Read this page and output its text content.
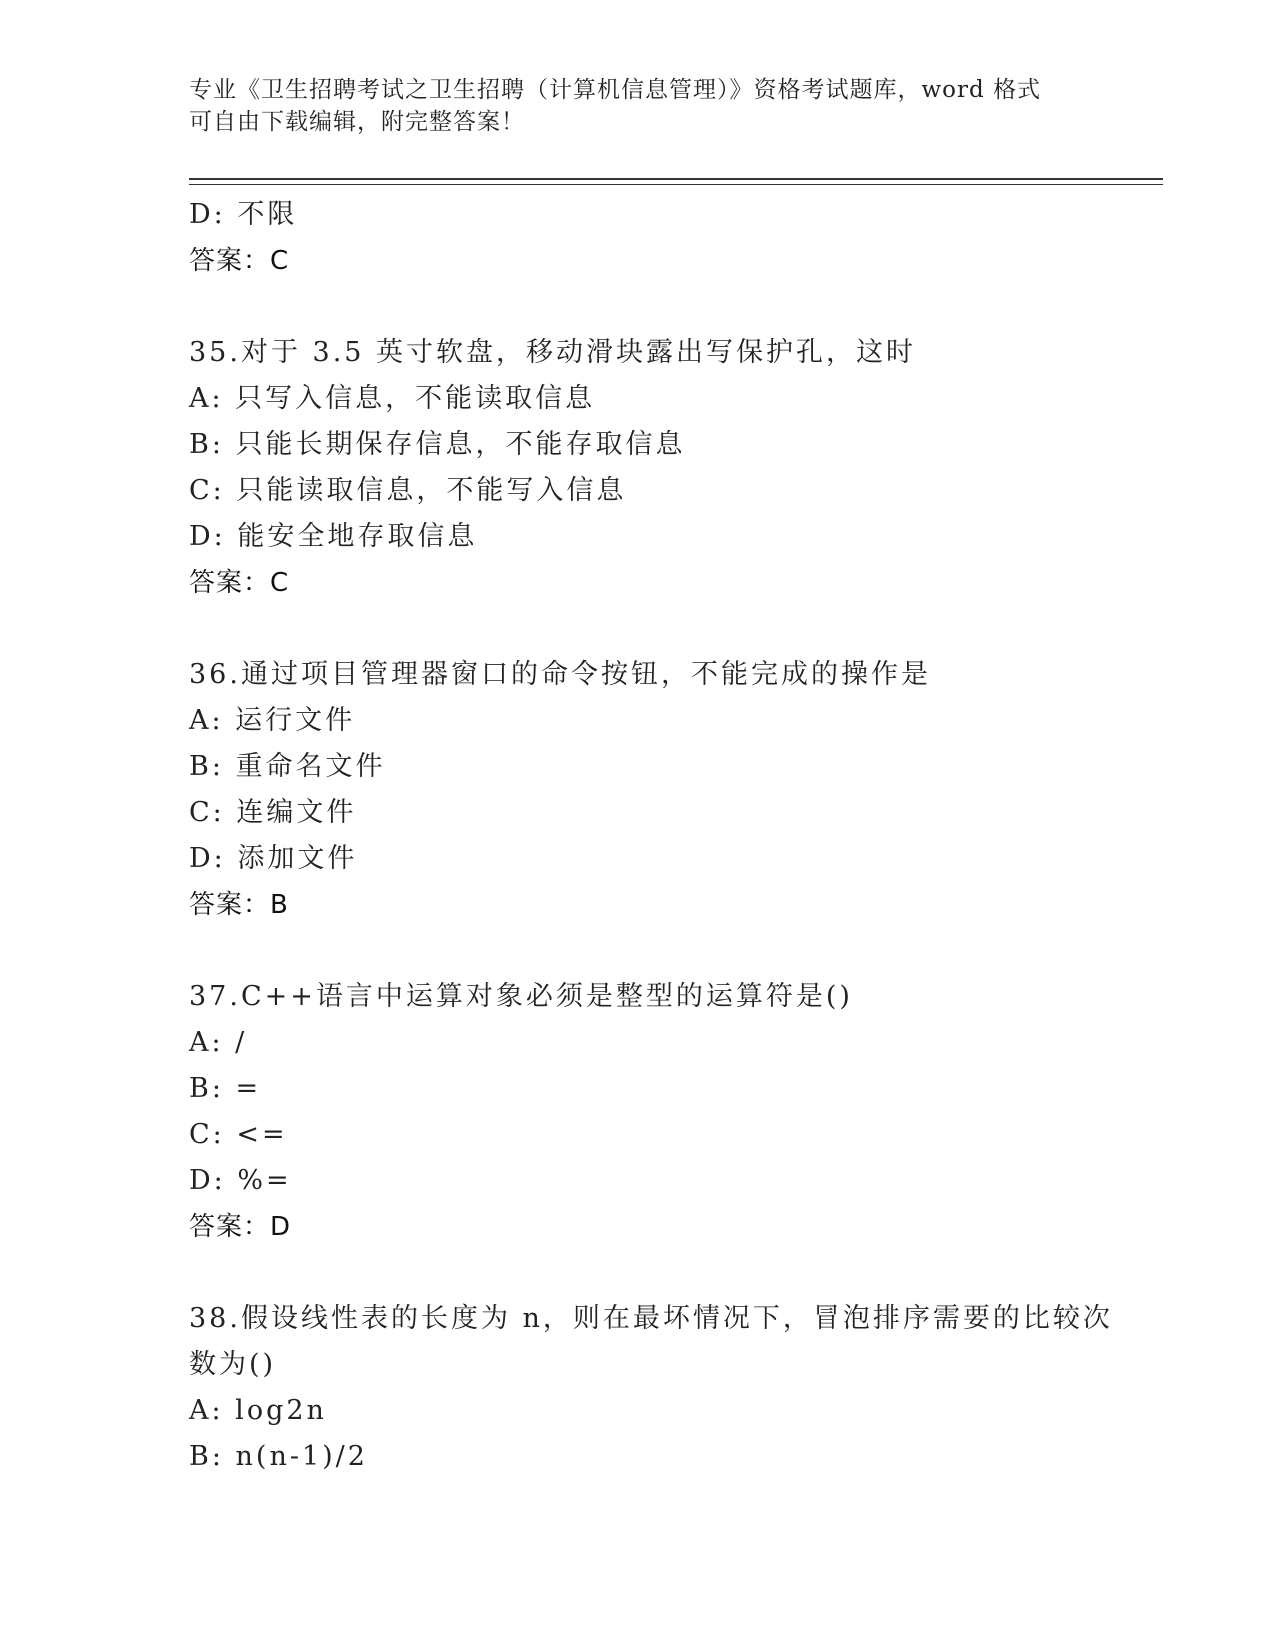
专业《卫生招聘考试之卫生招聘（计算机信息管理）》资格考试题库，word 格式
可自由下载编辑，附完整答案！
D: 不限
答案：C
35.对于 3.5 英寸软盘，移动滑块露出写保护孔，这时
A: 只写入信息，不能读取信息
B: 只能长期保存信息，不能存取信息
C: 只能读取信息，不能写入信息
D: 能安全地存取信息
答案：C
36.通过项目管理器窗口的命令按钮，不能完成的操作是
A: 运行文件
B: 重命名文件
C: 连编文件
D: 添加文件
答案：B
37.C++语言中运算对象必须是整型的运算符是()
A: /
B: =
C: <=
D: %=
答案：D
38.假设线性表的长度为 n，则在最坏情况下，冒泡排序需要的比较次
数为()
A: log2n
B: n(n-1)/2
